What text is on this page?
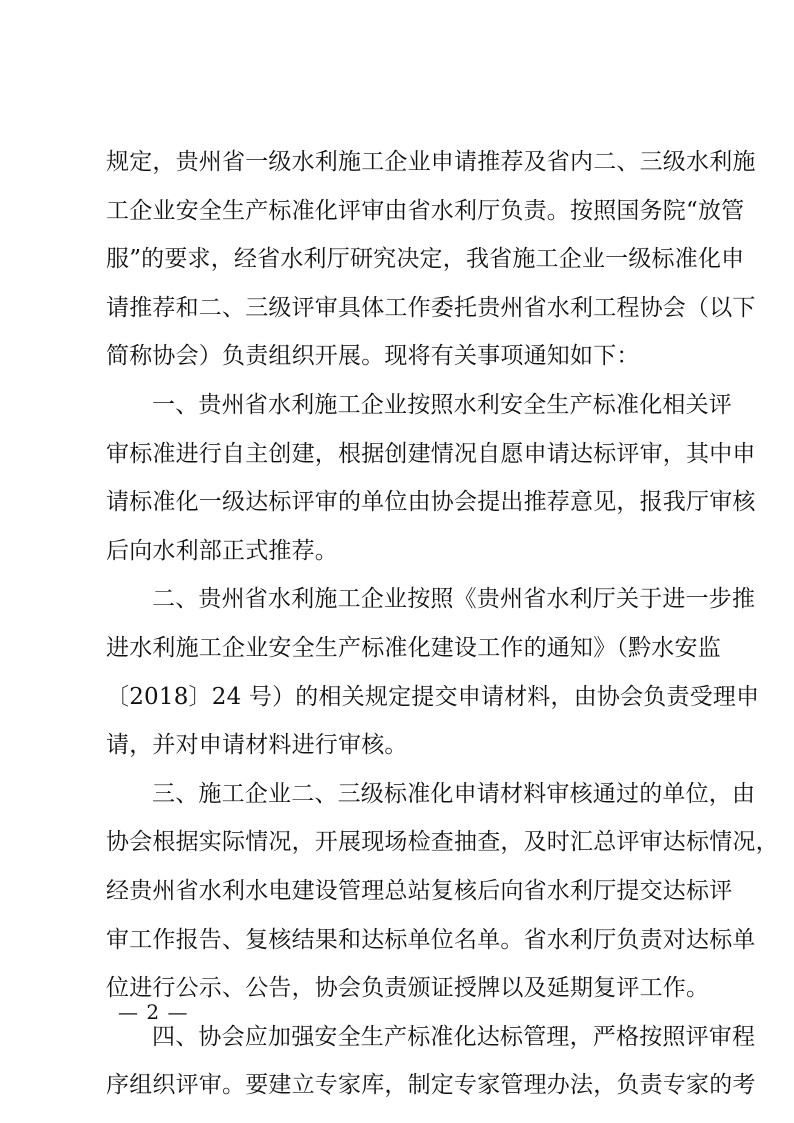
规定，贵州省一级水利施工企业申请推荐及省内二、三级水利施
工企业安全生产标准化评审由省水利厅负责。按照国务院“放管
服”的要求，经省水利厅研究决定，我省施工企业一级标准化申
请推荐和二、三级评审具体工作委托贵州省水利工程协会（以下
简称协会）负责组织开展。现将有关事项通知如下：
一、贵州省水利施工企业按照水利安全生产标准化相关评
审标准进行自主创建，根据创建情况自愿申请达标评审，其中申
请标准化一级达标评审的单位由协会提出推荐意见，报我厅审核
后向水利部正式推荐。
二、贵州省水利施工企业按照《贵州省水利厅关于进一步推
进水利施工企业安全生产标准化建设工作的通知》（黔水安监
〔2018〕24 号）的相关规定提交申请材料，由协会负责受理申
请，并对申请材料进行审核。
三、施工企业二、三级标准化申请材料审核通过的单位，由
协会根据实际情况，开展现场检查抽查，及时汇总评审达标情况，
经贵州省水利水电建设管理总站复核后向省水利厅提交达标评
审工作报告、复核结果和达标单位名单。省水利厅负责对达标单
位进行公示、公告，协会负责颁证授牌以及延期复评工作。
四、协会应加强安全生产标准化达标管理，严格按照评审程
序组织评审。要建立专家库，制定专家管理办法，负责专家的考
— 2 —
